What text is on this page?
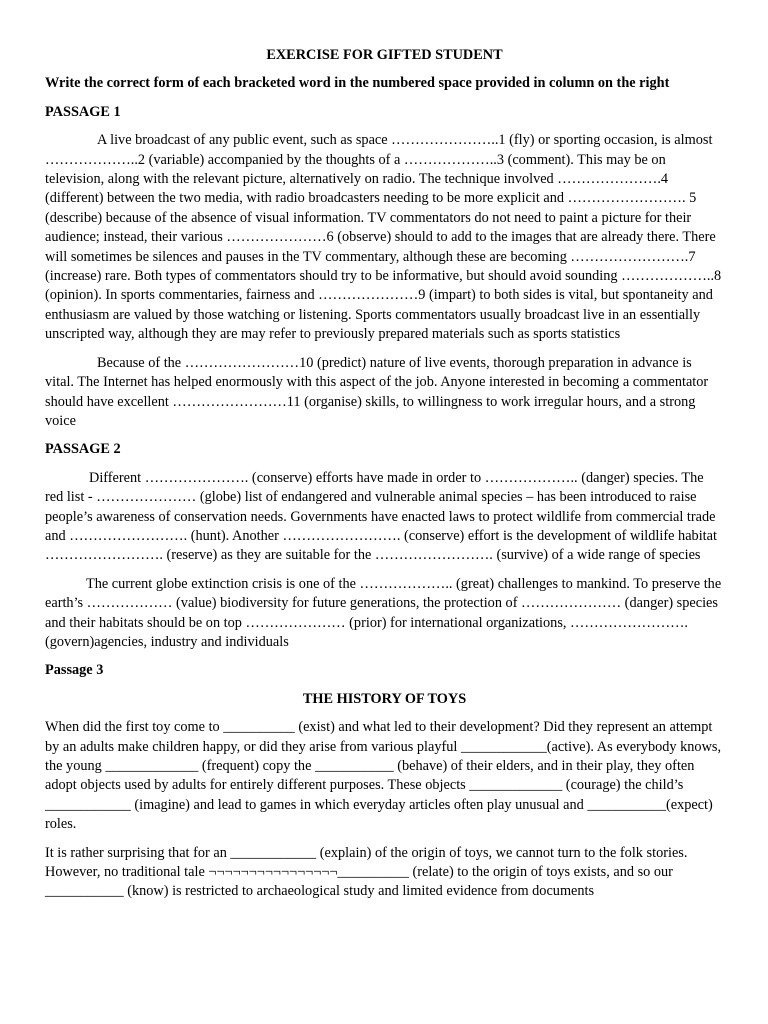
EXERCISE FOR GIFTED STUDENT

Write the correct form of each bracketed word in the numbered space provided in column on the right

PASSAGE 1

A live broadcast of any public event, such as space …………………..1 (fly) or sporting occasion, is almost ………………..2 (variable) accompanied by the thoughts of a ………………..3 (comment). This may be on television, along with the relevant picture, alternatively on radio. The technique involved ………………….4 (different) between the two media, with radio broadcasters needing to be more explicit and ……………………. 5 (describe) because of the absence of visual information. TV commentators do not need to paint a picture for their audience; instead, their various …………………6 (observe) should to add to the images that are already there. There will sometimes be silences and pauses in the TV commentary, although these are becoming …………………….7 (increase) rare. Both types of commentators should try to be informative, but should avoid sounding ………………..8 (opinion). In sports commentaries, fairness and …………………9 (impart) to both sides is vital, but spontaneity and enthusiasm are valued by those watching or listening. Sports commentators usually broadcast live in an essentially unscripted way, although they are may refer to previously prepared materials such as sports statistics

Because of the ……………………10 (predict) nature of live events, thorough preparation in advance is vital. The Internet has helped enormously with this aspect of the job. Anyone interested in becoming a commentator should have excellent ……………………11 (organise) skills, to willingness to work irregular hours, and a strong voice

PASSAGE 2

Different …………………. (conserve) efforts have made in order to ……………….. (danger) species. The red list - ………………… (globe) list of endangered and vulnerable animal species – has been introduced to raise people’s awareness of conservation needs. Governments have enacted laws to protect wildlife from commercial trade and ……………………. (hunt). Another ……………………. (conserve) effort is the development of wildlife habitat ……………………. (reserve) as they are suitable for the ……………………. (survive) of a wide range of species

The current globe extinction crisis is one of the ……………….. (great) challenges to mankind. To preserve the earth’s ……………… (value) biodiversity for future generations, the protection of ………………… (danger) species and their habitats should be on top ………………… (prior) for international organizations, ……………………. (govern)agencies, industry and individuals

Passage 3

THE HISTORY OF TOYS

When did the first toy come to __________ (exist) and what led to their development? Did they represent an attempt by an adults make children happy, or did they arise from various playful ____________(active). As everybody knows, the young _____________ (frequent) copy the ___________ (behave) of their elders, and in their play, they often adopt objects used by adults for entirely different purposes. These objects _____________ (courage) the child’s ____________ (imagine) and lead to games in which everyday articles often play unusual and ___________(expect) roles.

It is rather surprising that for an ____________ (explain) of the origin of toys, we cannot turn to the folk stories. However, no traditional tale ¬¬¬¬¬¬¬¬¬¬¬¬¬¬¬¬__________ (relate) to the origin of toys exists, and so our ___________ (know) is restricted to archaeological study and limited evidence from documents
